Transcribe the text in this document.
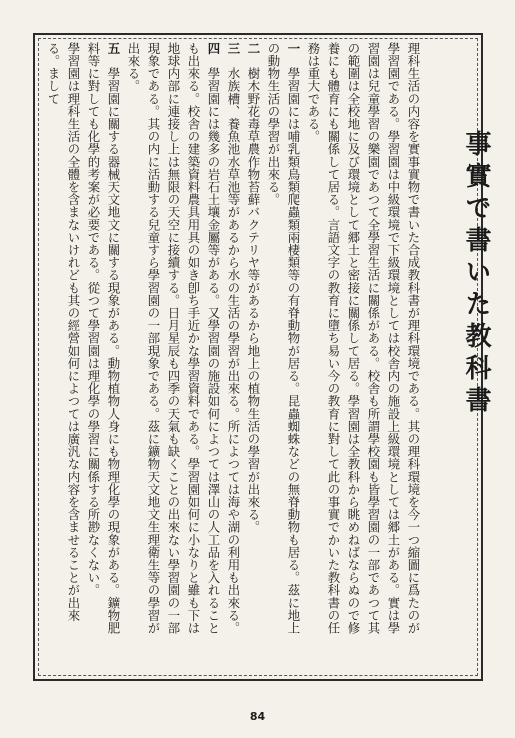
事實で書いた教科書

理科生活の内容を實事實物で書いた合成教科書が理科環境である。其の理科環境を今一つ縮圖に爲たのが學習園である。學習園は中級環境で下級環境としては校舎内の施設上級環境としては郷土がある。實は學習園は兒童學習の樂園であつて全學習生活に關係がある。校舎も所謂學校園も皆學習園の一部であつて其の範圍は全校地に及び環境として郷土と密接に關係して居る。學習園は全教科から眺めねばならぬので修養にも體育にも關係して居る。言語文字の教育に墮ち易い今の教育に對して此の事實でかいた教科書の任務は重大である。

一　學習園には哺乳類鳥類爬蟲類兩棲類等の有脊動物が居る。昆蟲蜘蛛などの無脊動物も居る。茲に地上の動物生活の學習が出來る。

二　樹木野花毒草農作物苔蘚バクテリヤ等があるから地上の植物生活の學習が出來る。

三　水族槽、養魚池水草池等があるから水の生活の學習が出來る。所によつては海や湖の利用も出來る。

四　學習園には幾多の岩石土壤金屬等がある。又學習園の施設如何によつては澤山の人工品を入れることも出來る。校舎の建築資料農具用具の如き卽ち手近かな學習資料である。學習園如何に小なりと雖も下は地球内部に連接し上は無限の天空に接續する。日月星辰も四季の天氣も缺くことの出來ない學習園の一部現象である。其の内に活動する兒童すら學習園の一部現象である。茲に鑛物天文地文生理衛生等の學習が出來る。

五　學習園に關する器械天文地文に關する現象がある。動物植物人身にも物理化學の現象がある。鑛物肥料等に對しても化學的考案が必要である。從つて學習園は理化學の學習に關係する所尠なくない。

學習園は理科生活の全體を含まないけれども其の經營如何によつては廣汎な内容を含ませることが出來る。まして

84
